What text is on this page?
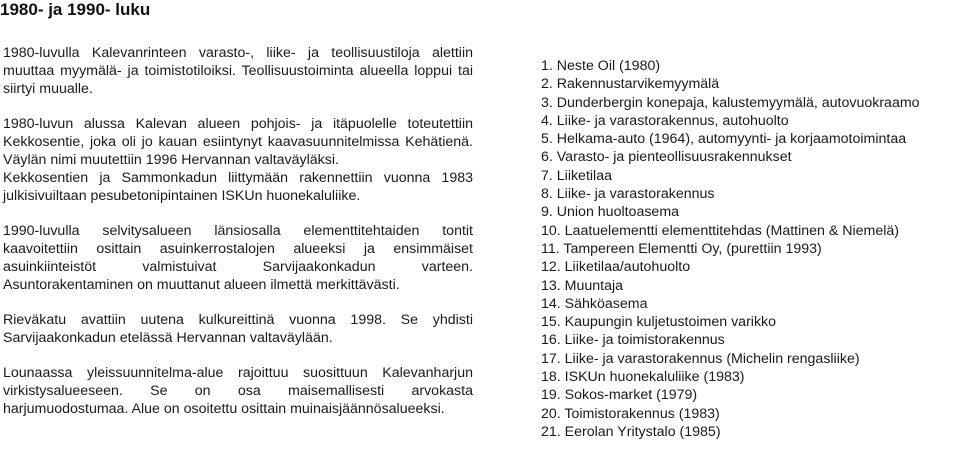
1980- ja 1990- luku

1980-luvulla Kalevanrinteen varasto-, liike- ja teollisuustiloja alettiin muuttaa myymälä- ja toimistotiloiksi. Teollisuustoiminta alueella loppui tai siirtyi muualle.

1980-luvun alussa Kalevan alueen pohjois- ja itäpuolelle toteutettiin Kekkosentie, joka oli jo kauan esiintynyt kaavasuunnitelmissa Kehätienä. Väylän nimi muutettiin 1996 Hervannan valtaväyläksi.

Kekkosentien ja Sammonkadun liittymään rakennettiin vuonna 1983 julkisivuiltaan pesubetonipintainen ISKUn huonekaluliike.

1990-luvulla selvitysalueen länsiosalla elementtitehtaiden tontit kaavoitettiin osittain asuinkerrostalojen alueeksi ja ensimmäiset asuinkiinteistöt valmistuivat Sarvijaakonkadun varteen. Asuntorakentaminen on muuttanut alueen ilmettä merkittävästi.

Rieväkatu avattiin uutena kulkureittinä vuonna 1998. Se yhdisti Sarvijaakonkadun etelässä Hervannan valtaväylään.

Lounaassa yleissuunnitelma-alue rajoittuu suosittuun Kalevanharjun virkistysalueeseen. Se on osa maisemallisesti arvokasta harjumuodostumaa. Alue on osoitettu osittain muinaisjäännösalueeksi.

1. Neste Oil (1980)
2. Rakennustarvikemyymälä
3. Dunderbergin konepaja, kalustemyymälä, autovuokraamo
4. Liike- ja varastorakennus, autohuolto
5. Helkama-auto (1964), automyynti- ja korjaamotoimintaa
6. Varasto- ja pienteollisuusrakennukset
7. Liiketilaa
8. Liike- ja varastorakennus
9. Union huoltoasema
10. Laatuelementti elementtitehdas (Mattinen & Niemelä)
11. Tampereen Elementti Oy, (purettiin 1993)
12. Liiketilaa/autohuolto
13. Muuntaja
14. Sähköasema
15. Kaupungin kuljetustoimen varikko
16. Liike- ja toimistorakennus
17. Liike- ja varastorakennus (Michelin rengasliike)
18. ISKUn huonekaluliike (1983)
19. Sokos-market (1979)
20. Toimistorakennus (1983)
21. Eerolan Yritystalo (1985)
